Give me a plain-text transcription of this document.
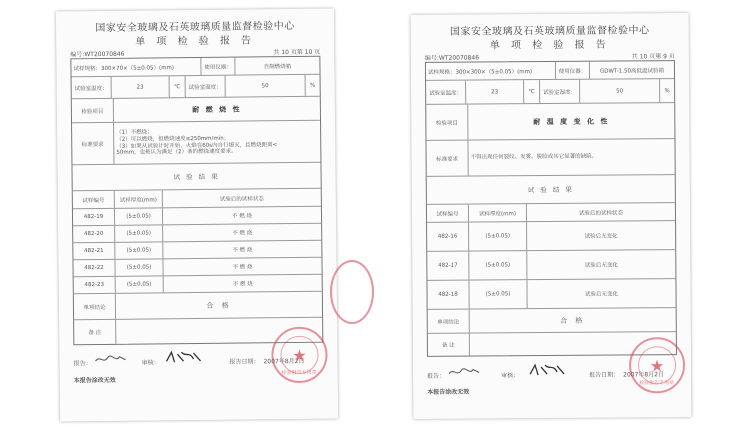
国家安全玻璃及石英玻璃质量监督检验中心
单 项 检 验 报 告
编号:WT20070846	共 10 页第 10 页
试样规格： 300×70×（5±0.05）(mm)	使用仪器：	自制燃烧箱
试验室温度：	23	℃	试验室湿度：	50	%
检验项目	耐 燃 烧 性
标准要求
（1）不燃烧；
（2）可以燃烧，但燃烧速度≤250mm/min；
（3）如果从试验计时开始，火焰在60s内自行熄灭，且燃烧距离<
50mm，也被认为满足（2）条的燃烧速度要求。
试 验 结 果
试样编号	试样厚度(mm)	试验后的试样状态
482-19	(5±0.05)	不 燃 烧
482-20	(5±0.05)	不 燃 烧
482-21	(5±0.05)	不 燃 烧
482-22	(5±0.05)	不 燃 烧
482-23	(5±0.05)	不 燃 烧
单项结论	合 格
备 注
报告：	审核：	报告日期： 2007年8月2日
本报告涂改无效
★
检验报告专用章
国家安全玻璃及石英玻璃质量监督检验中心
单 项 检 验 报 告
编号:WT20070846	共 10 页第 9 页
试样规格： 300×300×（5±0.05）(mm)	使用仪器：	GDWT-1.50高低温试验箱
试验室温度：	23	℃	试验室湿度：	50	%
检验项目	耐 温 度 变 化 性
标准要求	不得出现任何裂纹、发雾、脱胶或其它显著的缺陷。
试 验 结 果
试样编号	试样厚度(mm)	试验后的试样状态
482-16	(5±0.05)	试验后无变化
482-17	(5±0.05)	试验后无变化
482-18	(5±0.05)	试验后无变化
单项结论	合 格
备 注
报告：	审核：	报告日期： 2007年8月2日
本报告涂改无效
★
检验报告专用章
